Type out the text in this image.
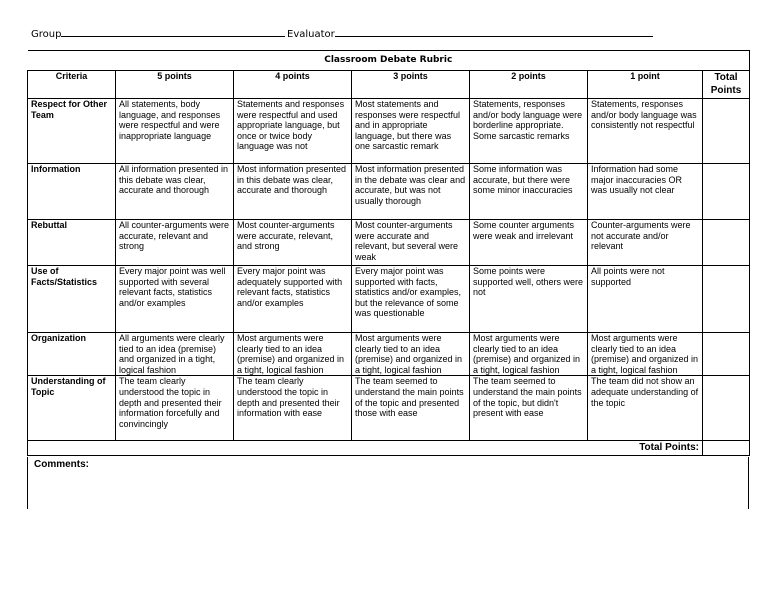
Group	Evaluator
Classroom Debate Rubric						
Criteria	5 points	4 points	3 points	2 points	1 point	Total Points
Respect for Other Team	All statements, body language, and responses were respectful and were inappropriate language	Statements and responses were respectful and used appropriate language, but once or twice body language was not	Most statements and responses were respectful and in appropriate language, but there was one sarcastic remark	Statements, responses and/or body language were borderline appropriate. Some sarcastic remarks	Statements, responses and/or body language was consistently not respectful	
Information	All information presented in this debate was clear, accurate and thorough	Most information presented in this debate was clear, accurate and thorough	Most information presented in the debate was clear and accurate, but was not usually thorough	Some information was accurate, but there were some minor inaccuracies	Information had some major inaccuracies OR was usually not clear	
Rebuttal	All counter-arguments were accurate, relevant and strong	Most counter-arguments were accurate, relevant, and strong	Most counter-arguments were accurate and relevant, but several were weak	Some counter arguments were weak and irrelevant	Counter-arguments were not accurate and/or relevant	
Use of Facts/Statistics	Every major point was well supported with several relevant facts, statistics and/or examples	Every major point was adequately supported with relevant facts, statistics and/or examples	Every major point was supported with facts, statistics and/or examples, but the relevance of some was questionable	Some points were supported well, others were not	All points were not supported	
Organization	All arguments were clearly tied to an idea (premise) and organized in a tight, logical fashion	Most arguments were clearly tied to an idea (premise) and organized in a tight, logical fashion	Most arguments were clearly tied to an idea (premise) and organized in a tight, logical fashion	Most arguments were clearly tied to an idea (premise) and organized in a tight, logical fashion	Most arguments were clearly tied to an idea (premise) and organized in a tight, logical fashion	
Understanding of Topic	The team clearly understood the topic in depth and presented their information forcefully and convincingly	The team clearly understood the topic in depth and presented their information with ease	The team seemed to understand the main points of the topic and presented those with ease	The team seemed to understand the main points of the topic, but didn't present with ease	The team did not show an adequate understanding of the topic	
					Total Points:	
Comments:
